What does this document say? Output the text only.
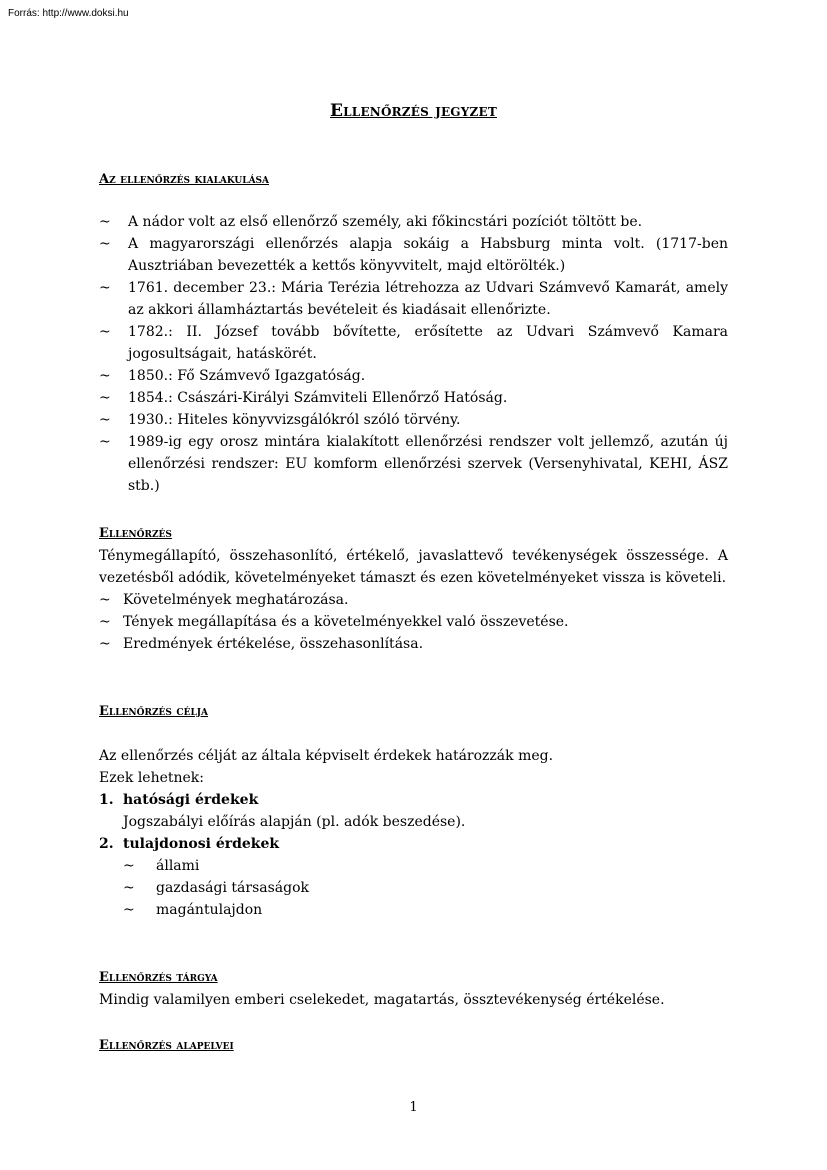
Forrás: http://www.doksi.hu
Ellenőrzés jegyzet
Az ellenőrzés kialakulása
~	A nádor volt az első ellenőrző személy, aki főkincstári pozíciót töltött be.
~	A magyarországi ellenőrzés alapja sokáig a Habsburg minta volt. (1717-ben Ausztriában bevezették a kettős könyvvitelt, majd eltörölték.)
~	1761. december 23.: Mária Terézia létrehozza az Udvari Számvevő Kamarát, amely az akkori államháztartás bevételeit és kiadásait ellenőrizte.
~	1782.: II. József tovább bővítette, erősítette az Udvari Számvevő Kamara jogosultságait, hatáskörét.
~	1850.: Fő Számvevő Igazgatóság.
~	1854.: Császári-Királyi Számviteli Ellenőrző Hatóság.
~	1930.: Hiteles könyvvizsgálókról szóló törvény.
~	1989-ig egy orosz mintára kialakított ellenőrzési rendszer volt jellemző, azután új ellenőrzési rendszer: EU komform ellenőrzési szervek (Versenyhivatal, KEHI, ÁSZ stb.)
Ellenőrzés

Ténymegállapító, összehasonlító, értékelő, javaslattevő tevékenységek összessége. A vezetésből adódik, követelményeket támaszt és ezen követelményeket vissza is követeli.

~ Követelmények meghatározása.
~ Tények megállapítása és a követelményekkel való összevetése.
~ Eredmények értékelése, összehasonlítása.
Ellenőrzés célja
Az ellenőrzés célját az általa képviselt érdekek határozzák meg.
Ezek lehetnek:
1. hatósági érdekek
Jogszabályi előírás alapján (pl. adók beszedése).
2. tulajdonosi érdekek
~	állami
~	gazdasági társaságok
~	magántulajdon
Ellenőrzés tárgya

Mindig valamilyen emberi cselekedet, magatartás, össztevékenység értékelése.

Ellenőrzés alapelvei
1
